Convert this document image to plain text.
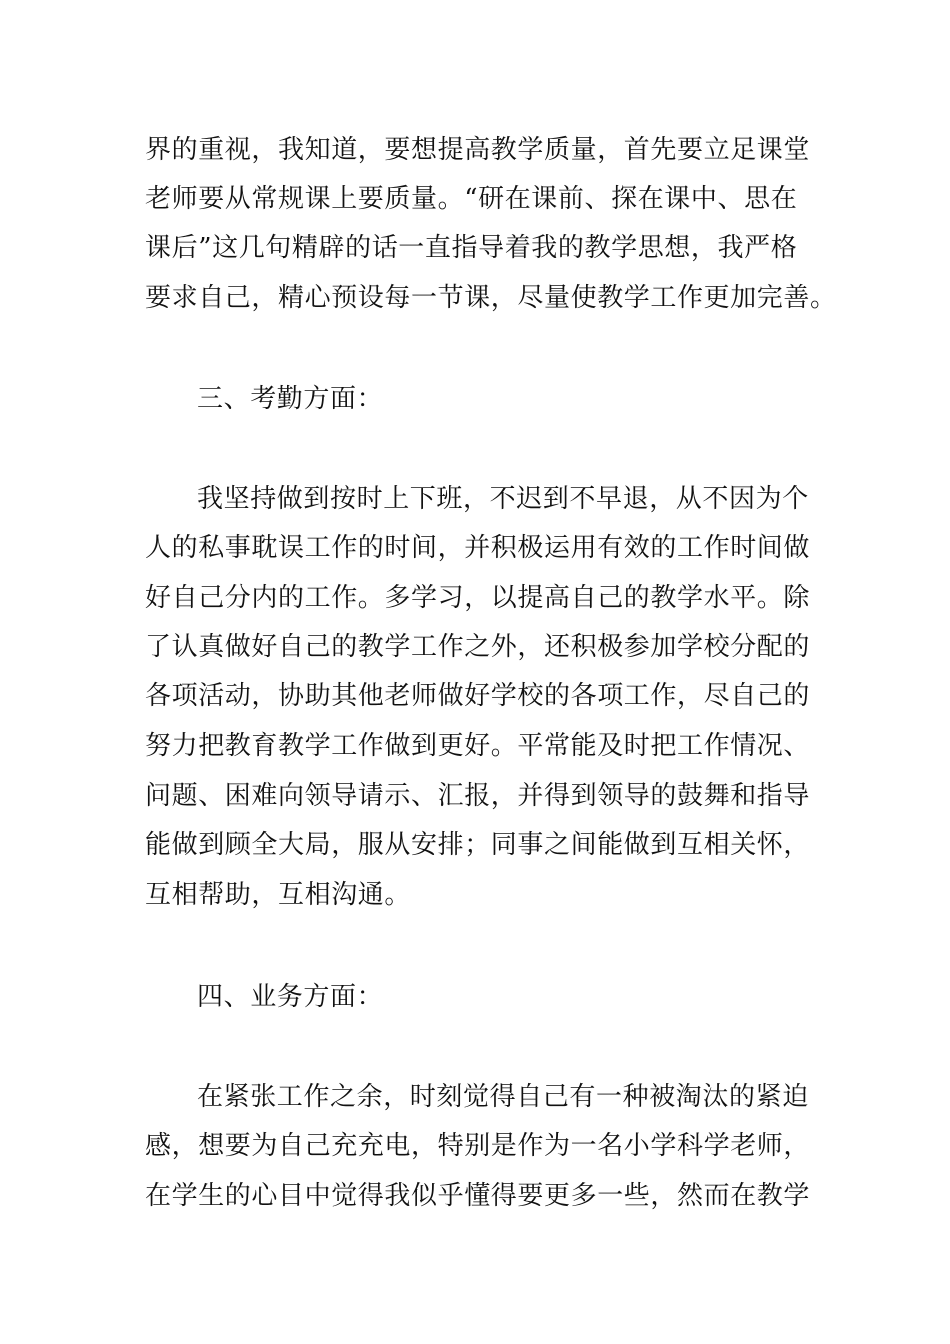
界的重视，我知道，要想提高教学质量，首先要立足课堂
老师要从常规课上要质量。“研在课前、探在课中、思在
课后”这几句精辟的话一直指导着我的教学思想，我严格
要求自己，精心预设每一节课，尽量使教学工作更加完善。
三、考勤方面：
我坚持做到按时上下班，不迟到不早退，从不因为个
人的私事耽误工作的时间，并积极运用有效的工作时间做
好自己分内的工作。多学习，以提高自己的教学水平。除
了认真做好自己的教学工作之外，还积极参加学校分配的
各项活动，协助其他老师做好学校的各项工作，尽自己的
努力把教育教学工作做到更好。平常能及时把工作情况、
问题、困难向领导请示、汇报，并得到领导的鼓舞和指导
能做到顾全大局，服从安排；同事之间能做到互相关怀，
互相帮助，互相沟通。
四、业务方面：
在紧张工作之余，时刻觉得自己有一种被淘汰的紧迫
感，想要为自己充充电，特别是作为一名小学科学老师，
在学生的心目中觉得我似乎懂得要更多一些，然而在教学
